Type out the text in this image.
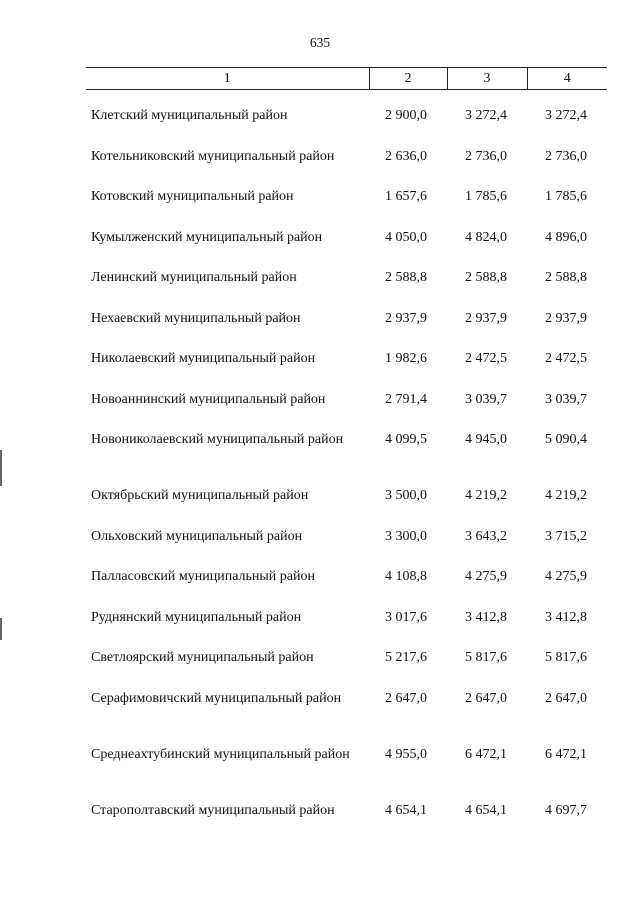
635
1	2	3	4
Клетский муниципальный район	2 900,0	3 272,4	3 272,4
Котельниковский муниципальный район	2 636,0	2 736,0	2 736,0
Котовский муниципальный район	1 657,6	1 785,6	1 785,6
Кумылженский муниципальный район	4 050,0	4 824,0	4 896,0
Ленинский муниципальный район	2 588,8	2 588,8	2 588,8
Нехаевский муниципальный район	2 937,9	2 937,9	2 937,9
Николаевский муниципальный район	1 982,6	2 472,5	2 472,5
Новоаннинский муниципальный район	2 791,4	3 039,7	3 039,7
Новониколаевский муниципальный район	4 099,5	4 945,0	5 090,4
Октябрьский муниципальный район	3 500,0	4 219,2	4 219,2
Ольховский муниципальный район	3 300,0	3 643,2	3 715,2
Палласовский муниципальный район	4 108,8	4 275,9	4 275,9
Руднянский муниципальный район	3 017,6	3 412,8	3 412,8
Светлоярский муниципальный район	5 217,6	5 817,6	5 817,6
Серафимовичский муниципальный район	2 647,0	2 647,0	2 647,0
Среднеахтубинский муниципальный район	4 955,0	6 472,1	6 472,1
Старополтавский муниципальный район	4 654,1	4 654,1	4 697,7
